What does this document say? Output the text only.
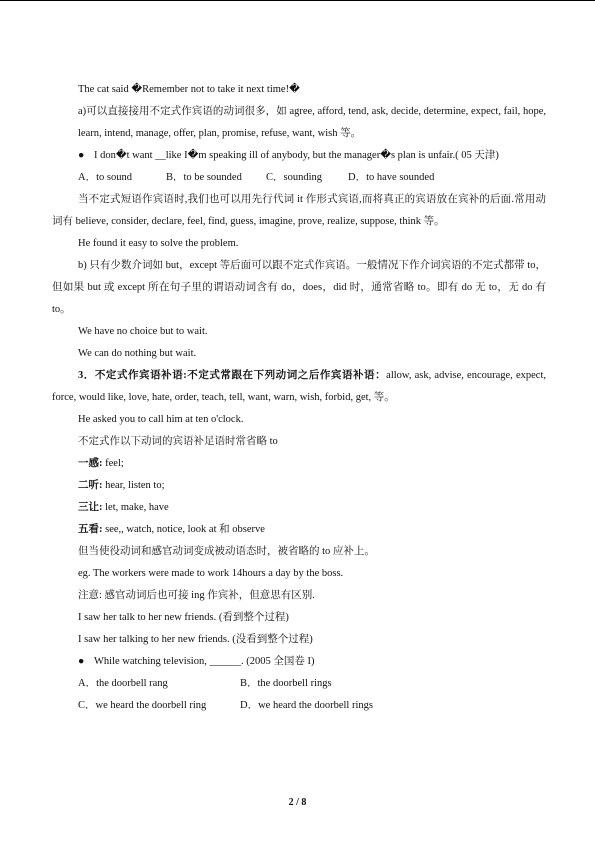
The cat said �Remember not to take it next time!�
a)可以直接接用不定式作宾语的动词很多，如 agree, afford, tend, ask, decide, determine, expect, fail, hope, learn, intend, manage, offer, plan, promise, refuse, want, wish 等。
● I don�t want __like I�m speaking ill of anybody, but the manager�s plan is unfair.( 05 天津)
A．to sound	B．to be sounded C．sounding D．to have sounded
当不定式短语作宾语时,我们也可以用先行代词 it 作形式宾语,而将真正的宾语放在宾补的后面.常用动词有 believe, consider, declare, feel, find, guess, imagine, prove, realize, suppose, think 等。
He found it easy to solve the problem.
b) 只有少数介词如 but，except 等后面可以跟不定式作宾语。一般情况下作介词宾语的不定式都带 to，但如果 but 或 except 所在句子里的谓语动词含有 do，does，did 时，通常省略 to。即有 do 无 to，无 do 有 to。
We have no choice but to wait.
We can do nothing but wait.
3．不定式作宾语补语:不定式常跟在下列动词之后作宾语补语：allow, ask, advise, encourage, expect, force, would like, love, hate, order, teach, tell, want, warn, wish, forbid, get, 等。
He asked you to call him at ten o'clock.
不定式作以下动词的宾语补足语时常省略 to
一感: feel;
二听: hear, listen to;
三让: let, make, have
五看: see,, watch, notice, look at 和 observe
但当使役动词和感官动词变成被动语态时，被省略的 to 应补上。
eg. The workers were made to work 14hours a day by the boss.
注意: 感官动词后也可接 ing 作宾补，但意思有区别.
I saw her talk to her new friends. (看到整个过程)
I saw her talking to her new friends. (没看到整个过程)
● While watching television, ______. (2005 全国卷 I)
A．the doorbell rang	B．the doorbell rings
C．we heard the doorbell ring	D．we heard the doorbell rings
2 / 8
